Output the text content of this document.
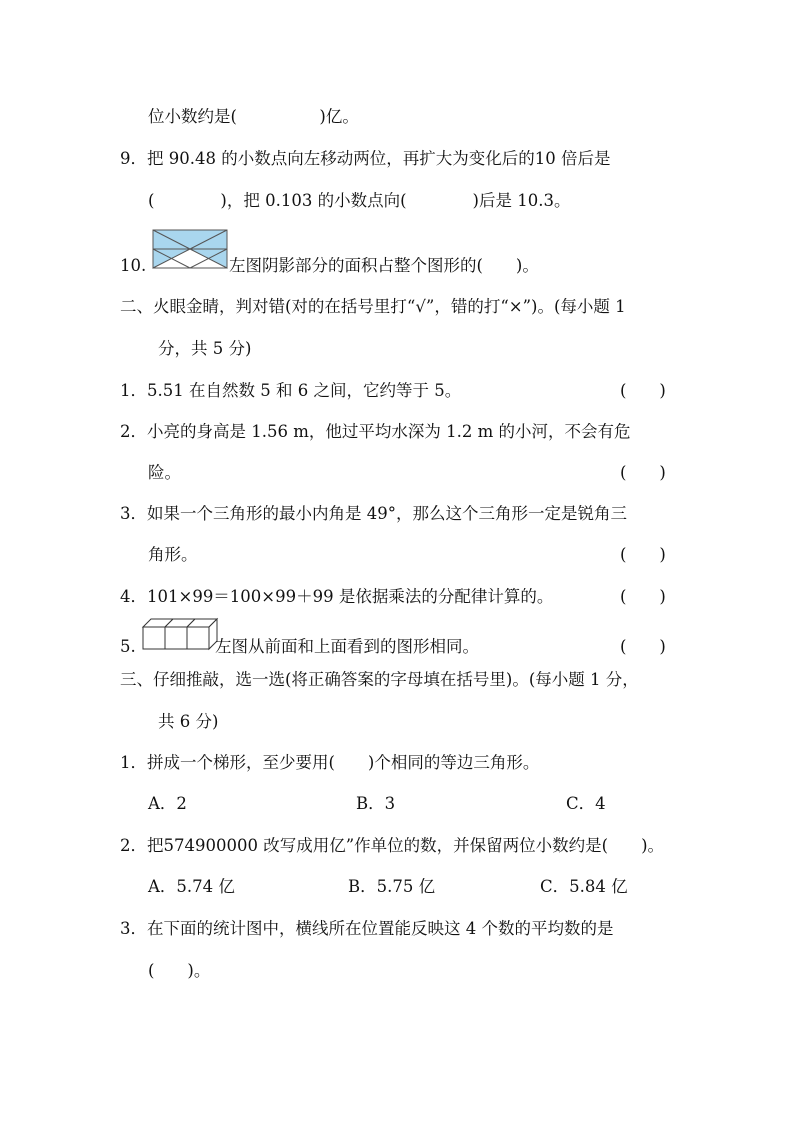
位小数约是(　　　　　)亿。
9．把 90.48 的小数点向左移动两位，再扩大为变化后的10 倍后是
(　　　　)，把 0.103 的小数点向(　　　　)后是 10.3。
10.	左图阴影部分的面积占整个图形的(　　)。
二、火眼金睛，判对错(对的在括号里打“√”，错的打“×”)。(每小题 1
分，共 5 分)
1．5.51 在自然数 5 和 6 之间，它约等于 5。	(　　)
2．小亮的身高是 1.56 m，他过平均水深为 1.2 m 的小河，不会有危
险。	(　　)
3．如果一个三角形的最小内角是 49°，那么这个三角形一定是锐角三
角形。	(　　)
4．101×99＝100×99＋99 是依据乘法的分配律计算的。	(　　)
5.	左图从前面和上面看到的图形相同。	(　　)
三、仔细推敲，选一选(将正确答案的字母填在括号里)。(每小题 1 分，
共 6 分)
1．拼成一个梯形，至少要用(　　)个相同的等边三角形。
A．2	B．3	C．4
2．把574900000 改写成用亿”作单位的数，并保留两位小数约是(　　)。
A．5.74 亿	B．5.75 亿	C．5.84 亿
3．在下面的统计图中，横线所在位置能反映这 4 个数的平均数的是
(　　)。
